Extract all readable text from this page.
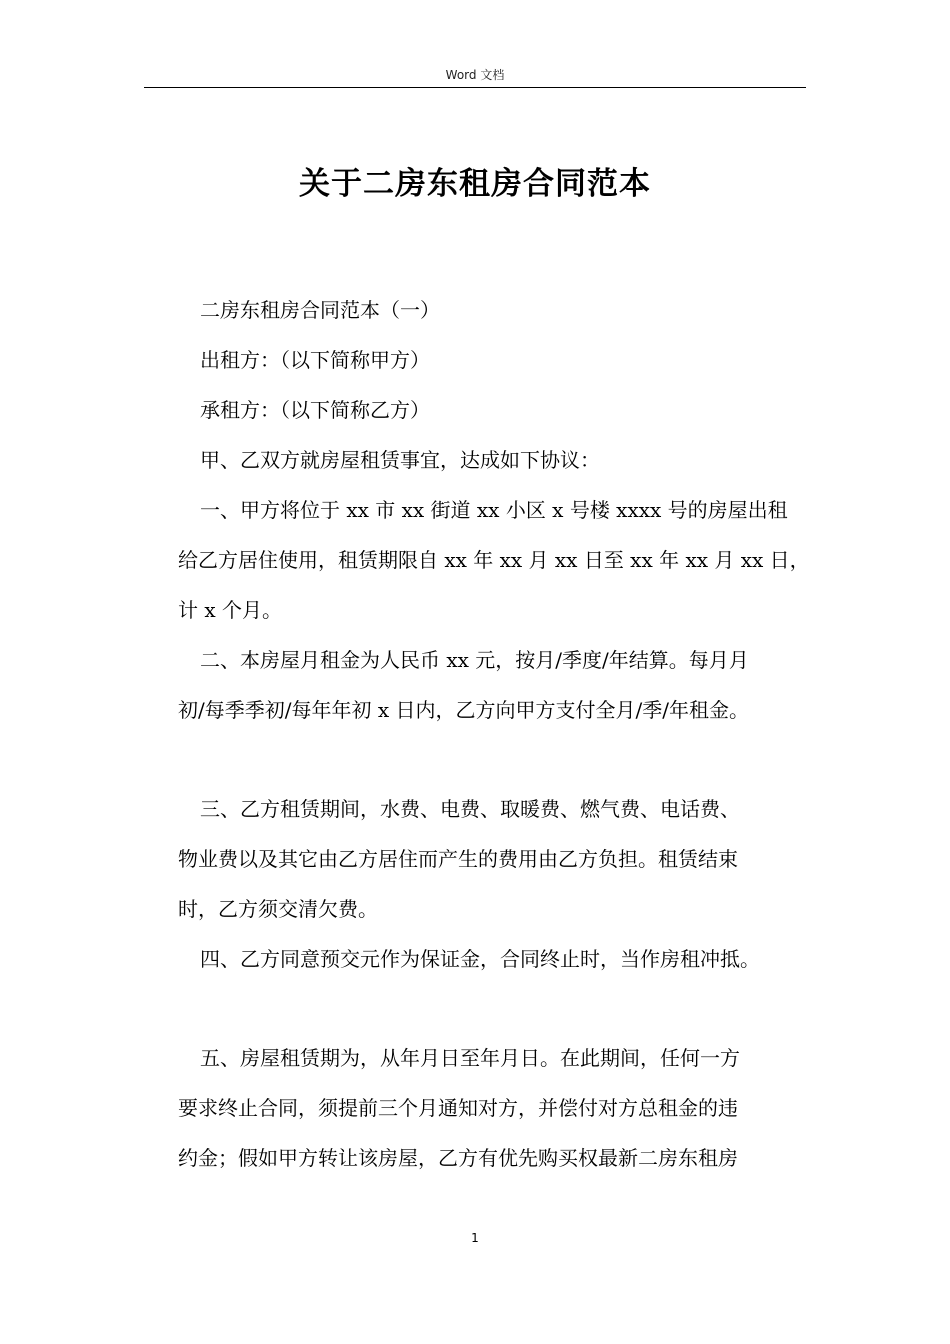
Word 文档
关于二房东租房合同范本
二房东租房合同范本（一）
出租方：（以下简称甲方）
承租方：（以下简称乙方）
甲、乙双方就房屋租赁事宜，达成如下协议：
一、甲方将位于 xx 市 xx 街道 xx 小区 x 号楼 xxxx 号的房屋出租
给乙方居住使用，租赁期限自 xx 年 xx 月 xx 日至 xx 年 xx 月 xx 日，
计 x 个月。
二、本房屋月租金为人民币 xx 元，按月/季度/年结算。每月月
初/每季季初/每年年初 x 日内，乙方向甲方支付全月/季/年租金。
三、乙方租赁期间，水费、电费、取暖费、燃气费、电话费、
物业费以及其它由乙方居住而产生的费用由乙方负担。租赁结束
时，乙方须交清欠费。
四、乙方同意预交元作为保证金，合同终止时，当作房租冲抵。
五、房屋租赁期为，从年月日至年月日。在此期间，任何一方
要求终止合同，须提前三个月通知对方，并偿付对方总租金的违
约金；假如甲方转让该房屋，乙方有优先购买权最新二房东租房
1
